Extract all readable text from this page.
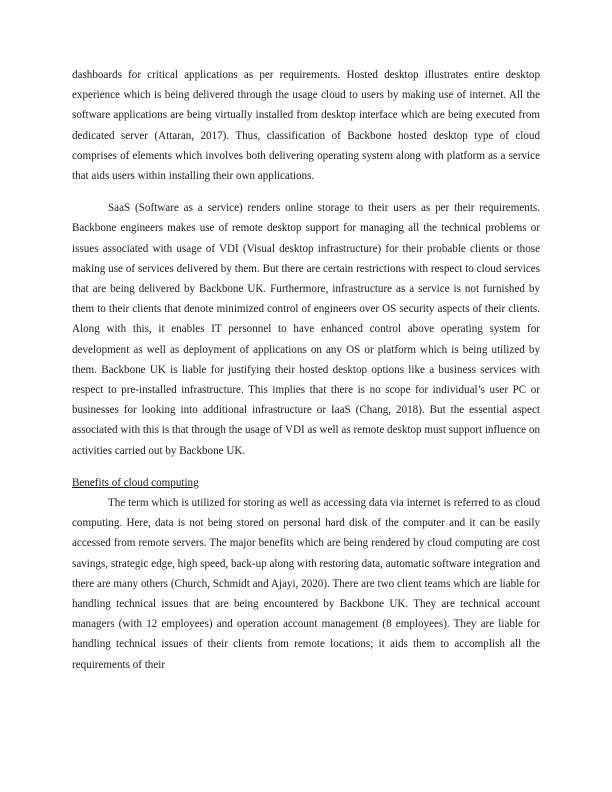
dashboards for critical applications as per requirements. Hosted desktop illustrates entire desktop experience which is being delivered through the usage cloud to users by making use of internet. All the software applications are being virtually installed from desktop interface which are being executed from dedicated server (Attaran, 2017). Thus, classification of Backbone hosted desktop type of cloud comprises of elements which involves both delivering operating system along with platform as a service that aids users within installing their own applications.

SaaS (Software as a service) renders online storage to their users as per their requirements. Backbone engineers makes use of remote desktop support for managing all the technical problems or issues associated with usage of VDI (Visual desktop infrastructure) for their probable clients or those making use of services delivered by them. But there are certain restrictions with respect to cloud services that are being delivered by Backbone UK. Furthermore, infrastructure as a service is not furnished by them to their clients that denote minimized control of engineers over OS security aspects of their clients. Along with this, it enables IT personnel to have enhanced control above operating system for development as well as deployment of applications on any OS or platform which is being utilized by them. Backbone UK is liable for justifying their hosted desktop options like a business services with respect to pre-installed infrastructure. This implies that there is no scope for individual’s user PC or businesses for looking into additional infrastructure or IaaS (Chang, 2018). But the essential aspect associated with this is that through the usage of VDI as well as remote desktop must support influence on activities carried out by Backbone UK.

Benefits of cloud computing

The term which is utilized for storing as well as accessing data via internet is referred to as cloud computing. Here, data is not being stored on personal hard disk of the computer and it can be easily accessed from remote servers. The major benefits which are being rendered by cloud computing are cost savings, strategic edge, high speed, back-up along with restoring data, automatic software integration and there are many others (Church, Schmidt and Ajayi, 2020). There are two client teams which are liable for handling technical issues that are being encountered by Backbone UK. They are technical account managers (with 12 employees) and operation account management (8 employees). They are liable for handling technical issues of their clients from remote locations; it aids them to accomplish all the requirements of their
